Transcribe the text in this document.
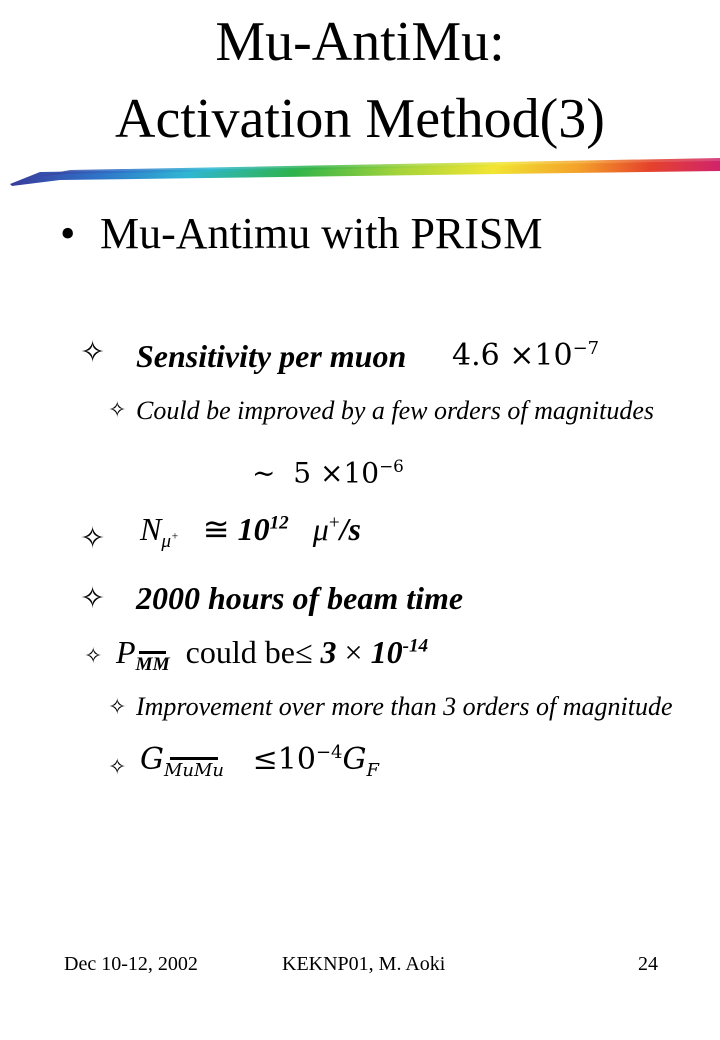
Mu-AntiMu:
Activation Method(3)
• Mu-Antimu with PRISM
✧ Sensitivity per muon $4.6 \times 10^{-7}$
✧ Could be improved by a few orders of magnitudes
~ $5 \times 10^{-6}$
✧ $N_{\mu^+}$ ≅ $10^{12}$ μ+/s
✧ 2000 hours of beam time
✧ $P_{MM}$ could $be\le 3 \times 10^{-14}$
✧ Improvement over more than 3 orders of magnitude
✧ $G_{MuMu} \le 10^{-4}G_F$
Dec 10-12, 2002	KEKNP01, M. Aoki	24
